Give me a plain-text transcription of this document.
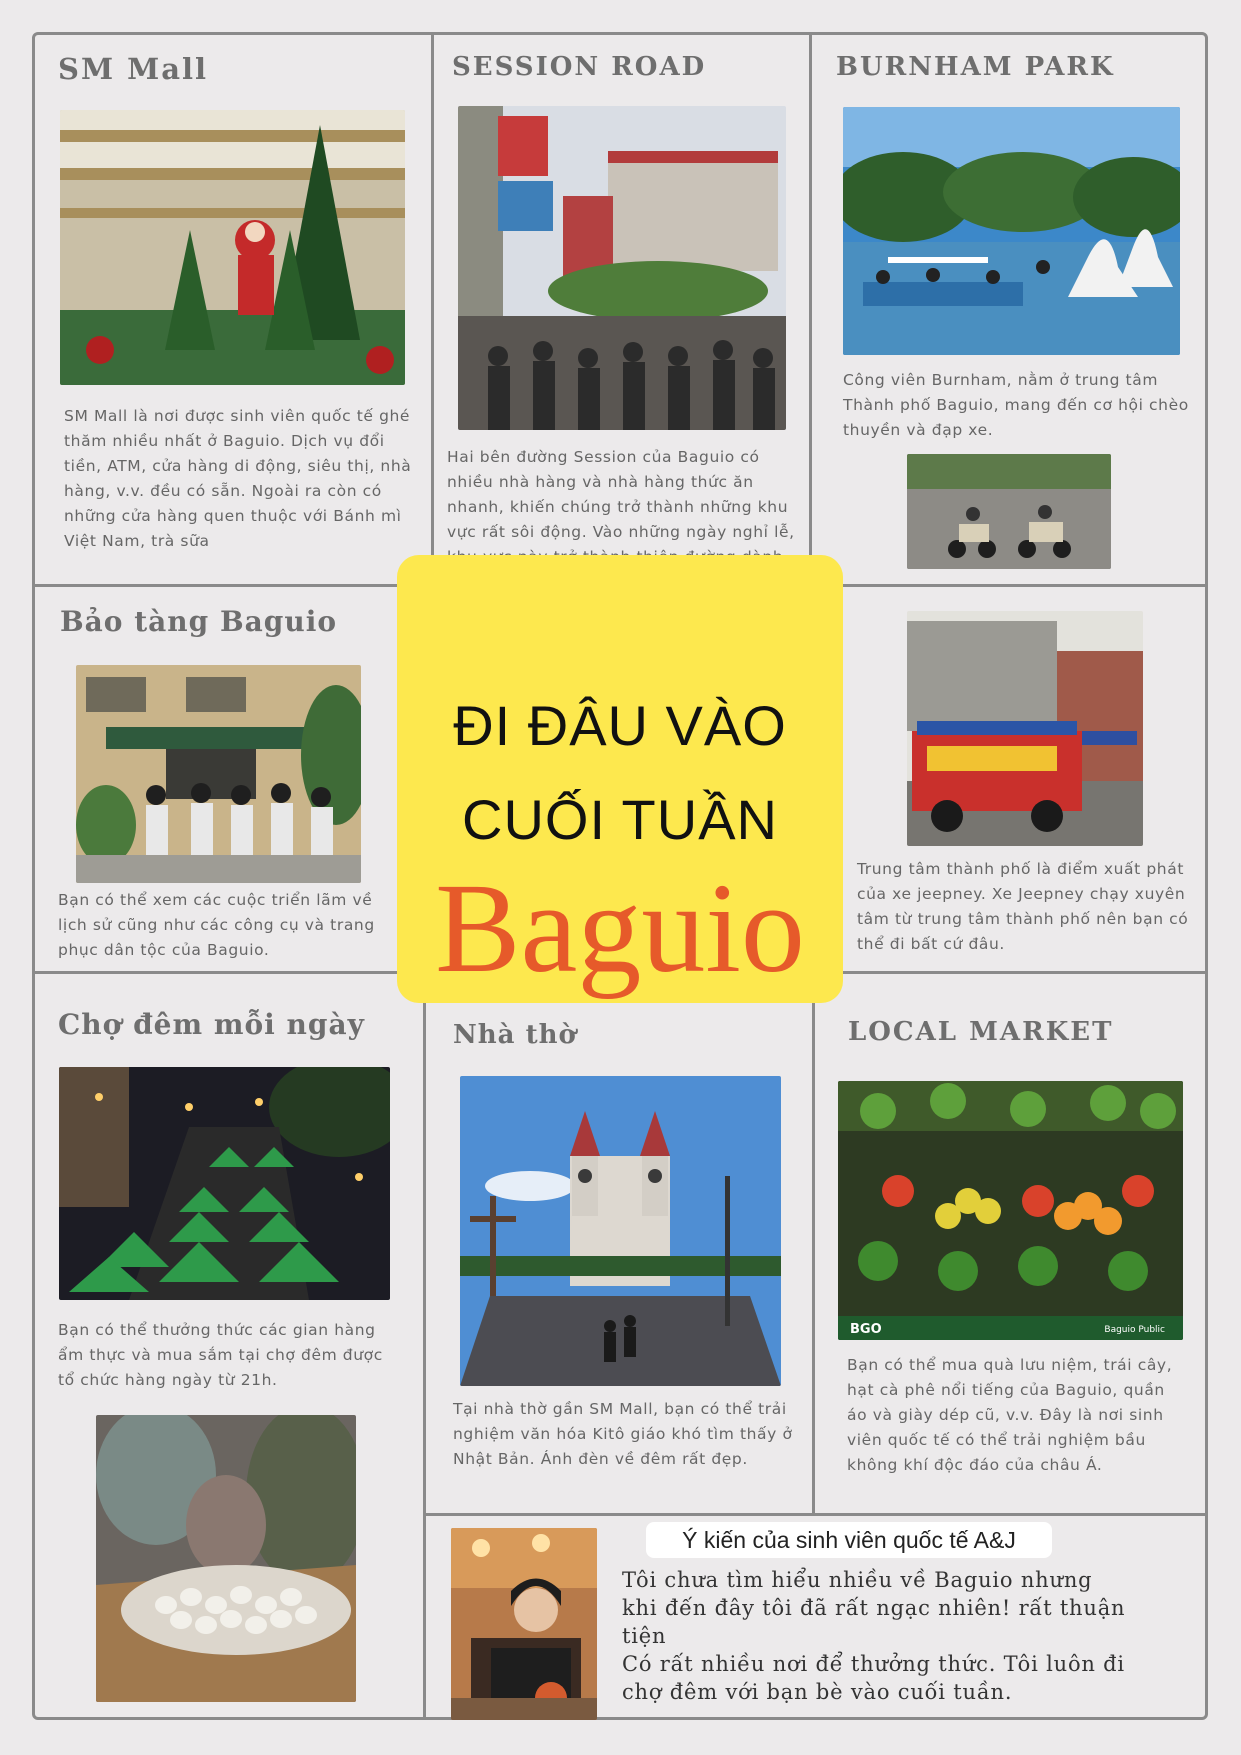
SM Mall
SM Mall là nơi được sinh viên quốc tế ghé thăm nhiều nhất ở Baguio. Dịch vụ đổi tiền, ATM, cửa hàng di động, siêu thị, nhà hàng, v.v. đều có sẵn. Ngoài ra còn có những cửa hàng quen thuộc với Bánh mì Việt Nam, trà sữa
SESSION ROAD
Hai bên đường Session của Baguio có nhiều nhà hàng và nhà hàng thức ăn nhanh, khiến chúng trở thành những khu vực rất sôi động. Vào những ngày nghỉ lễ,
BURNHAM PARK
Công viên Burnham, nằm ở trung tâm Thành phố Baguio, mang đến cơ hội chèo thuyền và đạp xe.
Bảo tàng Baguio
Bạn có thể xem các cuộc triển lãm về lịch sử cũng như các công cụ và trang phục dân tộc của Baguio.
Trung tâm thành phố là điểm xuất phát của xe jeepney. Xe Jeepney chạy xuyên tâm từ trung tâm thành phố nên bạn có thể đi bất cứ đâu.
Chợ đêm mỗi ngày
Bạn có thể thưởng thức các gian hàng ẩm thực và mua sắm tại chợ đêm được tổ chức hàng ngày từ 21h.
Nhà thờ
Tại nhà thờ gần SM Mall, bạn có thể trải nghiệm văn hóa Kitô giáo khó tìm thấy ở Nhật Bản. Ánh đèn về đêm rất đẹp.
LOCAL MARKET
BGO	Baguio Public
Bạn có thể mua quà lưu niệm, trái cây, hạt cà phê nổi tiếng của Baguio, quần áo và giày dép cũ, v.v. Đây là nơi sinh viên quốc tế có thể trải nghiệm bầu không khí độc đáo của châu Á.
ĐI ĐÂU VÀO
CUỐI TUẦN
Baguio
Ý kiến của sinh viên quốc tế A&J
Tôi chưa tìm hiểu nhiều về Baguio nhưng
khi đến đây tôi đã rất ngạc nhiên! rất thuận
tiện
Có rất nhiều nơi để thưởng thức. Tôi luôn đi
chợ đêm với bạn bè vào cuối tuần.
